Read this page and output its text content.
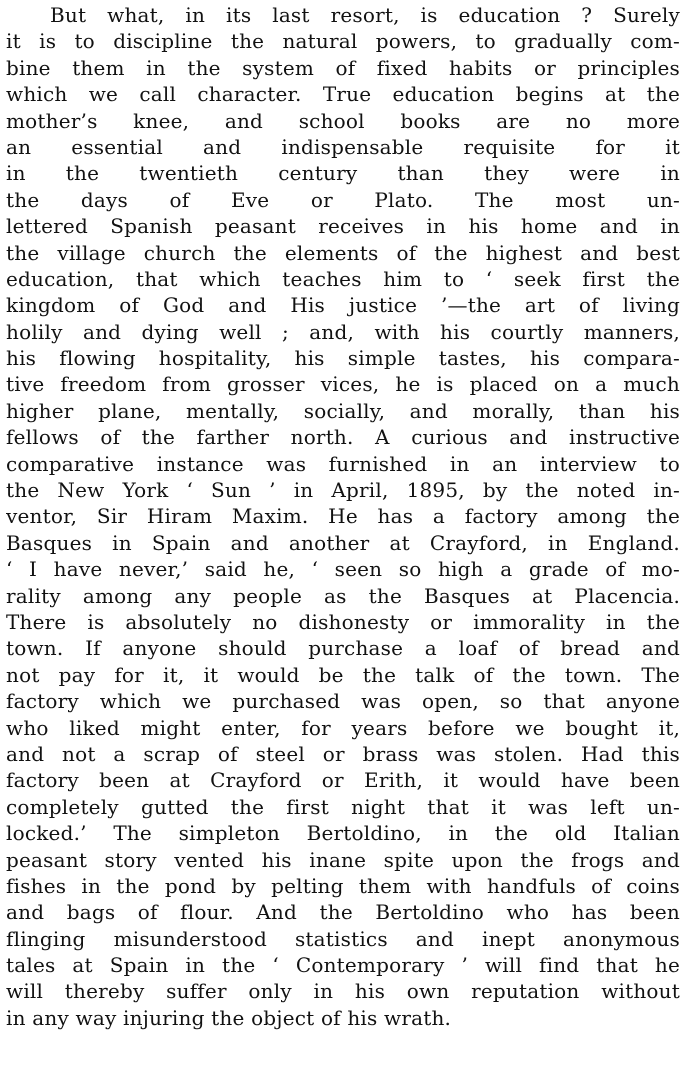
But what, in its last resort, is education ? Surely
it is to discipline the natural powers, to gradually com-
bine them in the system of fixed habits or principles
which we call character. True education begins at the
mother’s knee, and school books are no more
an essential and indispensable requisite for it
in the twentieth century than they were in
the days of Eve or Plato. The most un-
lettered Spanish peasant receives in his home and in
the village church the elements of the highest and best
education, that which teaches him to ‘ seek first the
kingdom of God and His justice ’—the art of living
holily and dying well ; and, with his courtly manners,
his flowing hospitality, his simple tastes, his compara-
tive freedom from grosser vices, he is placed on a much
higher plane, mentally, socially, and morally, than his
fellows of the farther north. A curious and instructive
comparative instance was furnished in an interview to
the New York ‘ Sun ’ in April, 1895, by the noted in-
ventor, Sir Hiram Maxim. He has a factory among the
Basques in Spain and another at Crayford, in England.
‘ I have never,’ said he, ‘ seen so high a grade of mo-
rality among any people as the Basques at Placencia.
There is absolutely no dishonesty or immorality in the
town. If anyone should purchase a loaf of bread and
not pay for it, it would be the talk of the town. The
factory which we purchased was open, so that anyone
who liked might enter, for years before we bought it,
and not a scrap of steel or brass was stolen. Had this
factory been at Crayford or Erith, it would have been
completely gutted the first night that it was left un-
locked.’ The simpleton Bertoldino, in the old Italian
peasant story vented his inane spite upon the frogs and
fishes in the pond by pelting them with handfuls of coins
and bags of flour. And the Bertoldino who has been
flinging misunderstood statistics and inept anonymous
tales at Spain in the ‘ Contemporary ’ will find that he
will thereby suffer only in his own reputation without
in any way injuring the object of his wrath.
